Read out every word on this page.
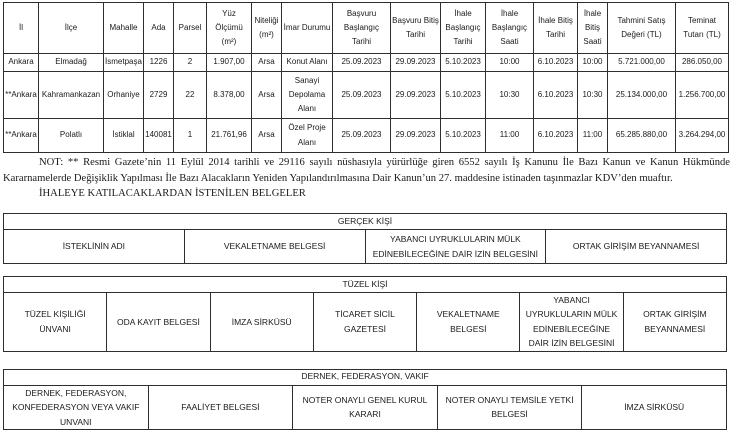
İl	İlçe	Mahalle	Ada	Parsel	Yüz Ölçümü (m²)	Niteliği (m²)	İmar Durumu	Başvuru Başlangıç Tarihi	Başvuru Bitiş Tarihi	İhale Başlangıç Tarihi	İhale Başlangıç Saati	İhale Bitiş Tarihi	İhale Bitiş Saati	Tahmini Satış Değeri (TL)	Teminat Tutarı (TL)
Ankara	Elmadağ	İsmetpaşa	1226	2	1.907,00	Arsa	Konut Alanı	25.09.2023	29.09.2023	5.10.2023	10:00	6.10.2023	10:00	5.721.000,00	286.050,00
**Ankara	Kahramankazan	Orhaniye	2729	22	8.378,00	Arsa	Sanayi Depolama Alanı	25.09.2023	29.09.2023	5.10.2023	10:30	6.10.2023	10:30	25.134.000,00	1.256.700,00
**Ankara	Polatlı	İstiklal	140081	1	21.761,96	Arsa	Özel Proje Alanı	25.09.2023	29.09.2023	5.10.2023	11:00	6.10.2023	11:00	65.285.880,00	3.264.294,00

NOT: ** Resmi Gazete’nin 11 Eylül 2014 tarihli ve 29116 sayılı nüshasıyla yürürlüğe giren 6552 sayılı İş Kanunu İle Bazı Kanun ve Kanun Hükmünde Kararnamelerde Değişiklik Yapılması İle Bazı Alacakların Yeniden Yapılandırılmasına Dair Kanun’un 27. maddesine istinaden taşınmazlar KDV’den muaftır.

İHALEYE KATILACAKLARDAN İSTENİLEN BELGELER

GERÇEK KİŞİ
İSTEKLİNİN ADI	VEKALETNAME BELGESİ	YABANCI UYRUKLULARIN MÜLK EDİNEBİLECEĞİNE DAİR İZİN BELGESİNİ	ORTAK GİRİŞİM BEYANNAMESİ
TÜZEL KİŞİ
TÜZEL KİŞİLİĞİ ÜNVANI	ODA KAYIT BELGESİ	İMZA SİRKÜSÜ	TİCARET SİCİL GAZETESİ	VEKALETNAME BELGESİ	YABANCI UYRUKLULARIN MÜLK EDİNEBİLECEĞİNE DAİR İZİN BELGESİNİ	ORTAK GİRİŞİM BEYANNAMESİ
DERNEK, FEDERASYON, VAKIF
DERNEK, FEDERASYON, KONFEDERASYON VEYA VAKIF UNVANI	FAALİYET BELGESİ	NOTER ONAYLI GENEL KURUL KARARI	NOTER ONAYLI TEMSİLE YETKİ BELGESİ	İMZA SİRKÜSÜ
